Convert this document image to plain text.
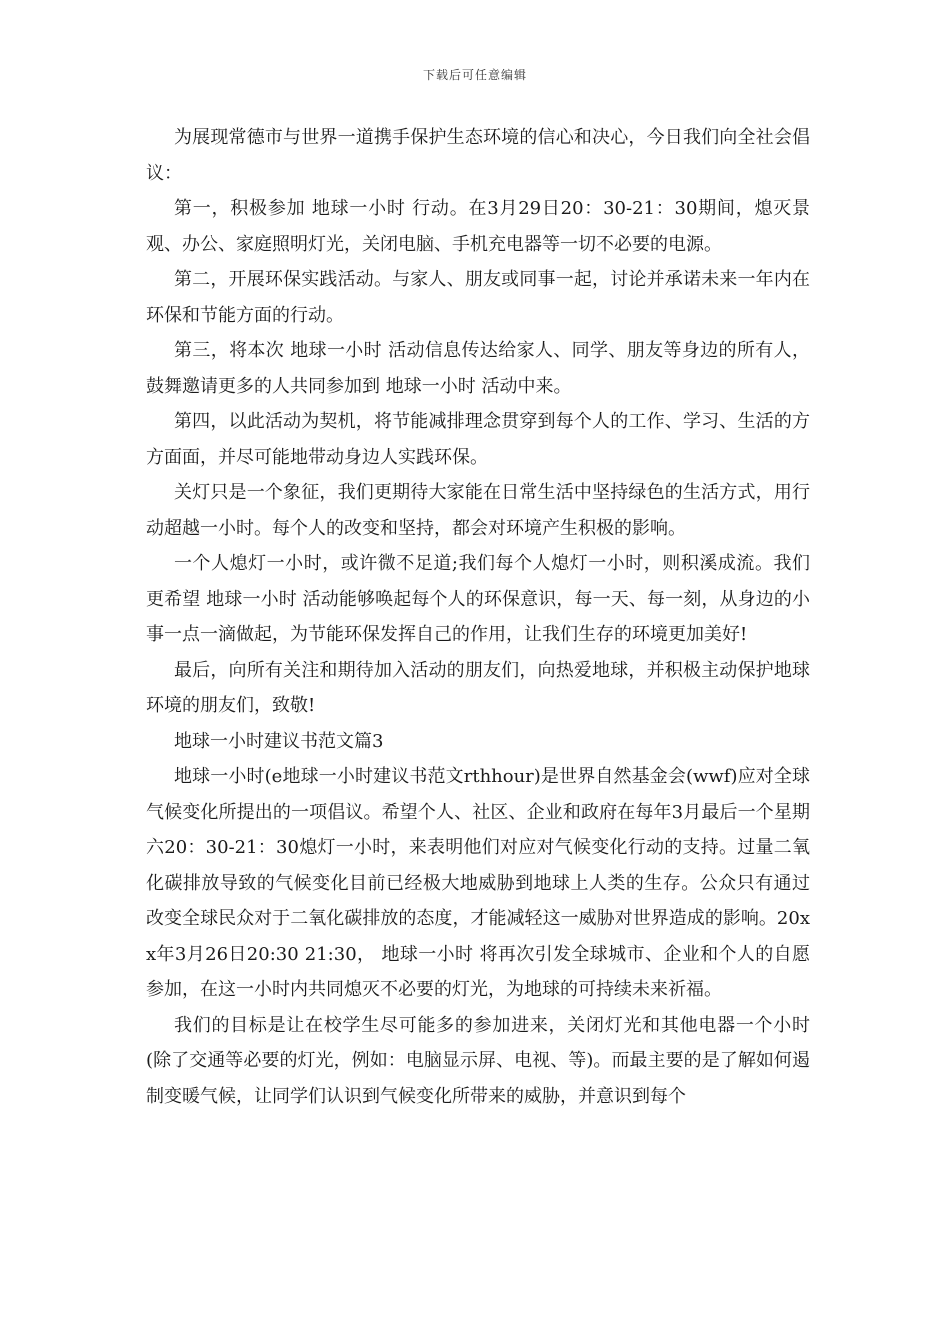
下载后可任意编辑

为展现常德市与世界一道携手保护生态环境的信心和决心，今日我们向全社会倡议：

第一，积极参加 地球一小时 行动。在3月29日20：30-21：30期间，熄灭景观、办公、家庭照明灯光，关闭电脑、手机充电器等一切不必要的电源。

第二，开展环保实践活动。与家人、朋友或同事一起，讨论并承诺未来一年内在环保和节能方面的行动。

第三，将本次 地球一小时 活动信息传达给家人、同学、朋友等身边的所有人，鼓舞邀请更多的人共同参加到 地球一小时 活动中来。

第四，以此活动为契机，将节能减排理念贯穿到每个人的工作、学习、生活的方方面面，并尽可能地带动身边人实践环保。

关灯只是一个象征，我们更期待大家能在日常生活中坚持绿色的生活方式，用行动超越一小时。每个人的改变和坚持，都会对环境产生积极的影响。

一个人熄灯一小时，或许微不足道;我们每个人熄灯一小时，则积溪成流。我们更希望 地球一小时 活动能够唤起每个人的环保意识，每一天、每一刻，从身边的小事一点一滴做起，为节能环保发挥自己的作用，让我们生存的环境更加美好!

最后，向所有关注和期待加入活动的朋友们，向热爱地球，并积极主动保护地球环境的朋友们，致敬!

地球一小时建议书范文篇3

地球一小时(e地球一小时建议书范文rthhour)是世界自然基金会(wwf)应对全球气候变化所提出的一项倡议。希望个人、社区、企业和政府在每年3月最后一个星期六20：30-21：30熄灯一小时，来表明他们对应对气候变化行动的支持。过量二氧化碳排放导致的气候变化目前已经极大地威胁到地球上人类的生存。公众只有通过改变全球民众对于二氧化碳排放的态度，才能减轻这一威胁对世界造成的影响。20xx年3月26日20:30 21:30， 地球一小时 将再次引发全球城市、企业和个人的自愿参加，在这一小时内共同熄灭不必要的灯光，为地球的可持续未来祈福。

我们的目标是让在校学生尽可能多的参加进来，关闭灯光和其他电器一个小时(除了交通等必要的灯光，例如：电脑显示屏、电视、等)。而最主要的是了解如何遏制变暖气候，让同学们认识到气候变化所带来的威胁，并意识到每个
